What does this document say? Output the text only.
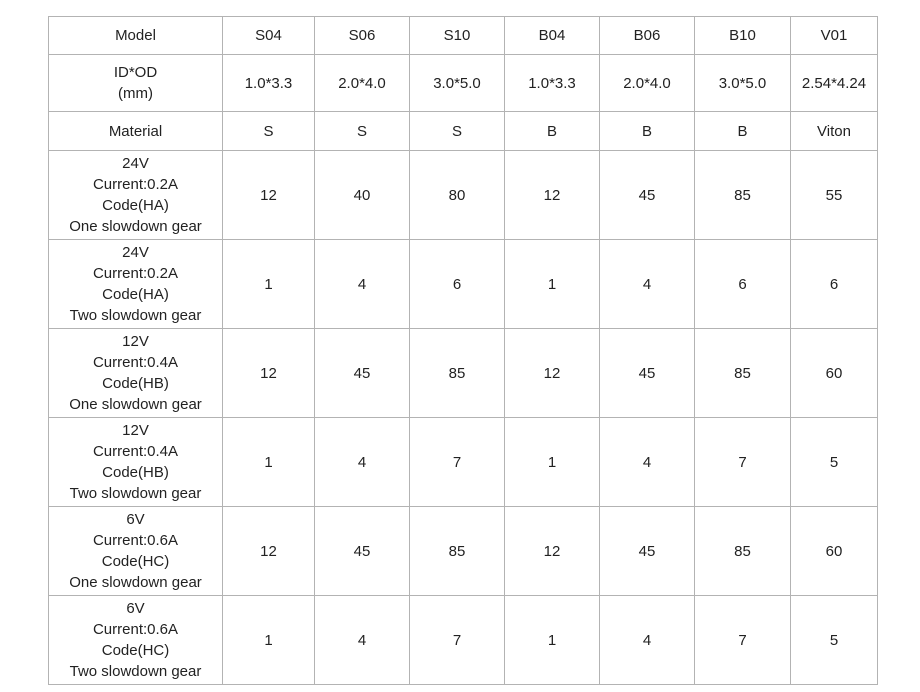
Model	S04	S06	S10	B04	B06	B10	V01

ID*OD
(mm)	1.0*3.3	2.0*4.0	3.0*5.0	1.0*3.3	2.0*4.0	3.0*5.0	2.54*4.24
Material	S	S	S	B	B	B	Viton

24V
Current:0.2A
Code(HA)
One slowdown gear	12	40	80	12	45	85	55

24V
Current:0.2A
Code(HA)
Two slowdown gear	1	4	6	1	4	6	6

12V
Current:0.4A
Code(HB)
One slowdown gear	12	45	85	12	45	85	60

12V
Current:0.4A
Code(HB)
Two slowdown gear	1	4	7	1	4	7	5

6V
Current:0.6A
Code(HC)
One slowdown gear	12	45	85	12	45	85	60

6V
Current:0.6A
Code(HC)
Two slowdown gear	1	4	7	1	4	7	5
